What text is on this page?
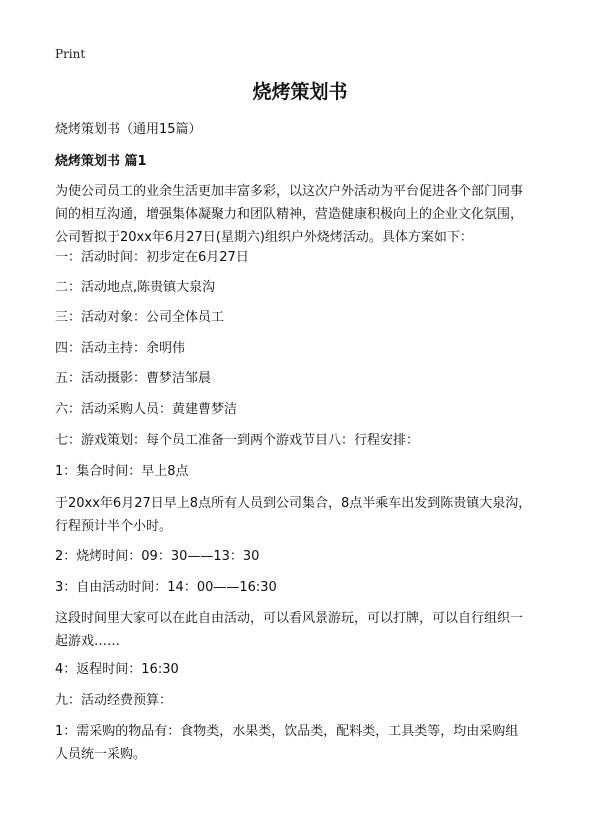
Print
烧烤策划书
烧烤策划书（通用15篇）
烧烤策划书 篇1
为使公司员工的业余生活更加丰富多彩，以这次户外活动为平台促进各个部门同事
间的相互沟通，增强集体凝聚力和团队精神，营造健康积极向上的企业文化氛围，
公司暂拟于20xx年6月27日(星期六)组织户外烧烤活动。具体方案如下：
一：活动时间：初步定在6月27日
二：活动地点,陈贵镇大泉沟
三：活动对象：公司全体员工
四：活动主持：余明伟
五：活动摄影：曹梦洁邹晨
六：活动采购人员：黄建曹梦洁
七：游戏策划：每个员工准备一到两个游戏节目八：行程安排：
1：集合时间：早上8点
于20xx年6月27日早上8点所有人员到公司集合，8点半乘车出发到陈贵镇大泉沟，
行程预计半个小时。
2：烧烤时间：09：30——13：30
3：自由活动时间：14：00——16:30
这段时间里大家可以在此自由活动，可以看风景游玩，可以打牌，可以自行组织一
起游戏……
4：返程时间：16:30
九：活动经费预算：
1：需采购的物品有：食物类，水果类，饮品类，配料类，工具类等，均由采购组
人员统一采购。
